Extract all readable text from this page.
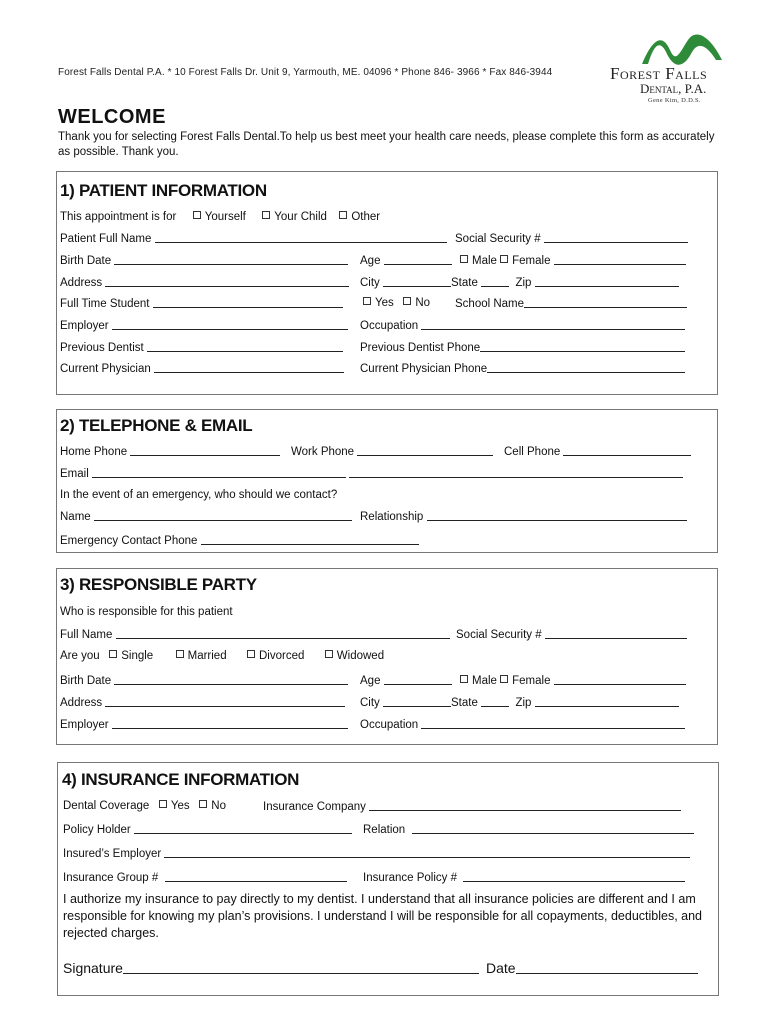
Forest Falls Dental P.A. * 10 Forest Falls Dr. Unit 9, Yarmouth, ME. 04096 * Phone 846- 3966 * Fax 846-3944	Forest Falls
Dental, P.A.
Gene Kim, D.D.S.
WELCOME
Thank you for selecting Forest Falls Dental.To help us best meet your health care needs, please complete this form as accurately as possible. Thank you.
1) PATIENT INFORMATION
This appointment is for Yourself Your Child Other
Patient Full Name	Social Security #
Birth Date	Age	Male Female
Address	City	State	Zip
Full Time Student	Yes No School Name
Employer	Occupation
Previous Dentist	Previous Dentist Phone
Current Physician	Current Physician Phone
2) TELEPHONE & EMAIL
Home Phone	Work Phone	Cell Phone
Email
In the event of an emergency, who should we contact?
Name	Relationship
Emergency Contact Phone
3) RESPONSIBLE PARTY
Who is responsible for this patient
Full Name	Social Security #
Are you Single	Married	Divorced	Widowed
Birth Date	Age	Male Female
Address	City	State	Zip
Employer	Occupation
4) INSURANCE INFORMATION
Dental Coverage Yes No	Insurance Company
Policy Holder	Relation
Insured’s Employer
Insurance Group #	Insurance Policy #
I authorize my insurance to pay directly to my dentist. I understand that all insurance policies are different and I am responsible for knowing my plan’s provisions. I understand I will be responsible for all copayments, deductibles, and rejected charges.
Signature	Date
